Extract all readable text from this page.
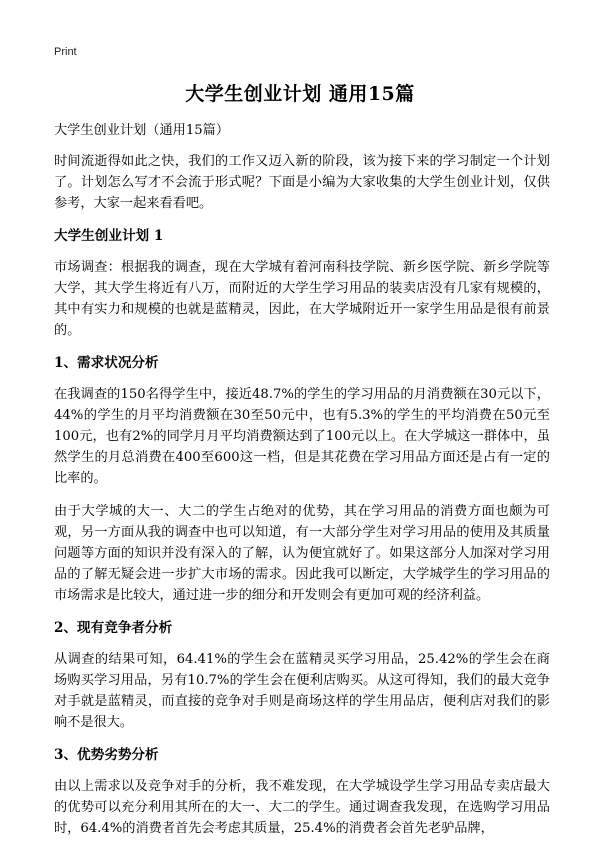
Print
大学生创业计划 通用15篇

大学生创业计划（通用15篇）

时间流逝得如此之快，我们的工作又迈入新的阶段，该为接下来的学习制定一个计划了。计划怎么写才不会流于形式呢？下面是小编为大家收集的大学生创业计划，仅供参考，大家一起来看看吧。

大学生创业计划 1

市场调查：根据我的调查，现在大学城有着河南科技学院、新乡医学院、新乡学院等大学，其大学生将近有八万，而附近的大学生学习用品的装卖店没有几家有规模的，其中有实力和规模的也就是蓝精灵，因此，在大学城附近开一家学生用品是很有前景的。

1、需求状况分析

在我调查的150名得学生中，接近48.7%的学生的学习用品的月消费额在30元以下，44%的学生的月平均消费额在30至50元中，也有5.3%的学生的平均消费在50元至100元，也有2%的同学月月平均消费额达到了100元以上。在大学城这一群体中，虽然学生的月总消费在400至600这一档，但是其花费在学习用品方面还是占有一定的比率的。

由于大学城的大一、大二的学生占绝对的优势，其在学习用品的消费方面也颇为可观，另一方面从我的调查中也可以知道，有一大部分学生对学习用品的使用及其质量问题等方面的知识并没有深入的了解，认为便宜就好了。如果这部分人加深对学习用品的了解无疑会进一步扩大市场的需求。因此我可以断定，大学城学生的学习用品的市场需求是比较大，通过进一步的细分和开发则会有更加可观的经济利益。

2、现有竞争者分析

从调查的结果可知，64.41%的学生会在蓝精灵买学习用品，25.42%的学生会在商场购买学习用品，另有10.7%的学生会在便利店购买。从这可得知，我们的最大竞争对手就是蓝精灵，而直接的竞争对手则是商场这样的学生用品店，便利店对我们的影响不是很大。

3、优势劣势分析

由以上需求以及竞争对手的分析，我不难发现，在大学城设学生学习用品专卖店最大的优势可以充分利用其所在的大一、大二的学生。通过调查我发现，在选购学习用品时，64.4%的消费者首先会考虑其质量，25.4%的消费者会首先老驴品牌，
